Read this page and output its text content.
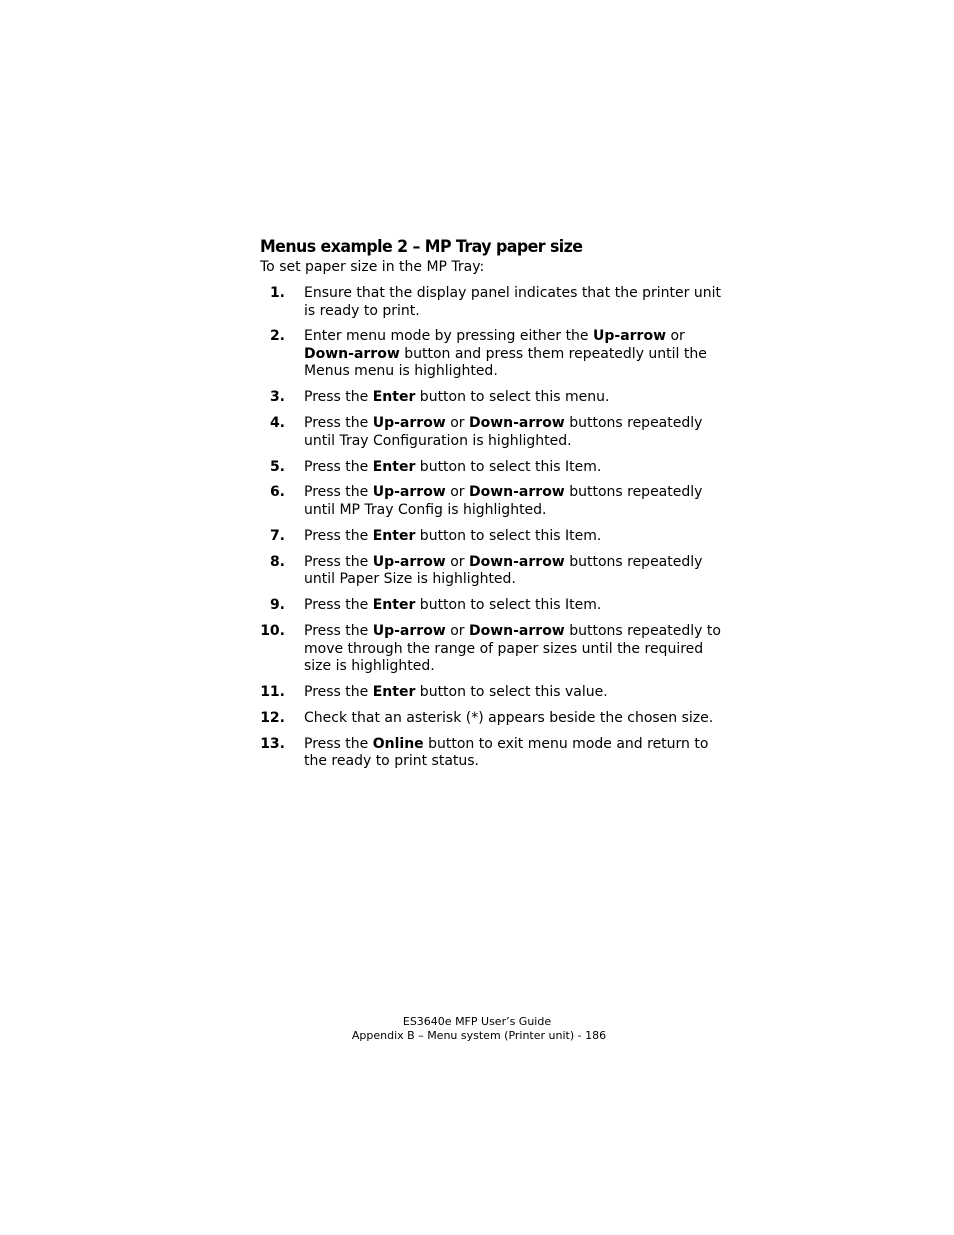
Menus example 2 – MP Tray paper size

To set paper size in the MP Tray:

1. Ensure that the display panel indicates that the printer unit is ready to print.
2. Enter menu mode by pressing either the Up-arrow or Down-arrow button and press them repeatedly until the Menus menu is highlighted.
3. Press the Enter button to select this menu.
4. Press the Up-arrow or Down-arrow buttons repeatedly until Tray Configuration is highlighted.
5. Press the Enter button to select this Item.
6. Press the Up-arrow or Down-arrow buttons repeatedly until MP Tray Config is highlighted.
7. Press the Enter button to select this Item.
8. Press the Up-arrow or Down-arrow buttons repeatedly until Paper Size is highlighted.
9. Press the Enter button to select this Item.
10. Press the Up-arrow or Down-arrow buttons repeatedly to move through the range of paper sizes until the required size is highlighted.
11. Press the Enter button to select this value.
12. Check that an asterisk (*) appears beside the chosen size.
13. Press the Online button to exit menu mode and return to the ready to print status.

ES3640e MFP User’s Guide

Appendix B – Menu system (Printer unit) - 186
